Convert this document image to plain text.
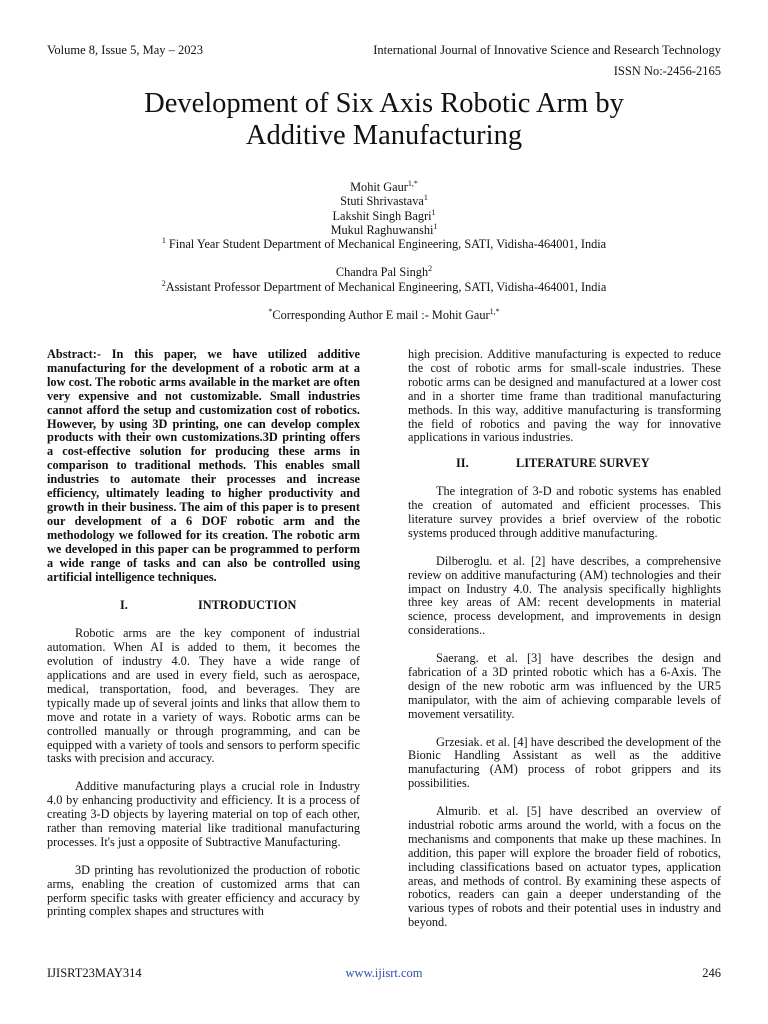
Volume 8, Issue 5, May – 2023	International Journal of Innovative Science and Research Technology
ISSN No:-2456-2165
Development of Six Axis Robotic Arm by
Additive Manufacturing
Mohit Gaur$^{1,*}$
Stuti Shrivastava$^1$
Lakshit Singh Bagri$^1$
Mukul Raghuwanshi$^1$
$^1$ Final Year Student Department of Mechanical Engineering, SATI, Vidisha-464001, India
Chandra Pal Singh$^2$
$^2$Assistant Professor Department of Mechanical Engineering, SATI, Vidisha-464001, India
*Corresponding Author E mail :- Mohit Gaur$^{1,*}$

Abstract:- In this paper, we have utilized additive manufacturing for the development of a robotic arm at a low cost. The robotic arms available in the market are often very expensive and not customizable. Small industries cannot afford the setup and customization cost of robotics. However, by using 3D printing, one can develop complex products with their own customizations.3D printing offers a cost-effective solution for producing these arms in comparison to traditional methods. This enables small industries to automate their processes and increase efficiency, ultimately leading to higher productivity and growth in their business. The aim of this paper is to present our development of a 6 DOF robotic arm and the methodology we followed for its creation. The robotic arm we developed in this paper can be programmed to perform a wide range of tasks and can also be controlled using artificial intelligence techniques.

I.	INTRODUCTION

Robotic arms are the key component of industrial automation. When AI is added to them, it becomes the evolution of industry 4.0. They have a wide range of applications and are used in every field, such as aerospace, medical, transportation, food, and beverages. They are typically made up of several joints and links that allow them to move and rotate in a variety of ways. Robotic arms can be controlled manually or through programming, and can be equipped with a variety of tools and sensors to perform specific tasks with precision and accuracy.

Additive manufacturing plays a crucial role in Industry 4.0 by enhancing productivity and efficiency. It is a process of creating 3-D objects by layering material on top of each other, rather than removing material like traditional manufacturing processes. It's just a opposite of Subtractive Manufacturing.

3D printing has revolutionized the production of robotic arms, enabling the creation of customized arms that can perform specific tasks with greater efficiency and accuracy by printing complex shapes and structures with

high precision. Additive manufacturing is expected to reduce the cost of robotic arms for small-scale industries. These robotic arms can be designed and manufactured at a lower cost and in a shorter time frame than traditional manufacturing methods. In this way, additive manufacturing is transforming the field of robotics and paving the way for innovative applications in various industries.

II.	LITERATURE SURVEY

The integration of 3-D and robotic systems has enabled the creation of automated and efficient processes. This literature survey provides a brief overview of the robotic systems produced through additive manufacturing.

Dilberoglu. et al. [2] have describes, a comprehensive review on additive manufacturing (AM) technologies and their impact on Industry 4.0. The analysis specifically highlights three key areas of AM: recent developments in material science, process development, and improvements in design considerations..

Saerang. et al. [3] have describes the design and fabrication of a 3D printed robotic which has a 6-Axis. The design of the new robotic arm was influenced by the UR5 manipulator, with the aim of achieving comparable levels of movement versatility.

Grzesiak. et al. [4] have described the development of the Bionic Handling Assistant as well as the additive manufacturing (AM) process of robot grippers and its possibilities.

Almurib. et al. [5] have described an overview of industrial robotic arms around the world, with a focus on the mechanisms and components that make up these machines. In addition, this paper will explore the broader field of robotics, including classifications based on actuator types, application areas, and methods of control. By examining these aspects of robotics, readers can gain a deeper understanding of the various types of robots and their potential uses in industry and beyond.

IJISRT23MAY314	www.ijisrt.com	246
